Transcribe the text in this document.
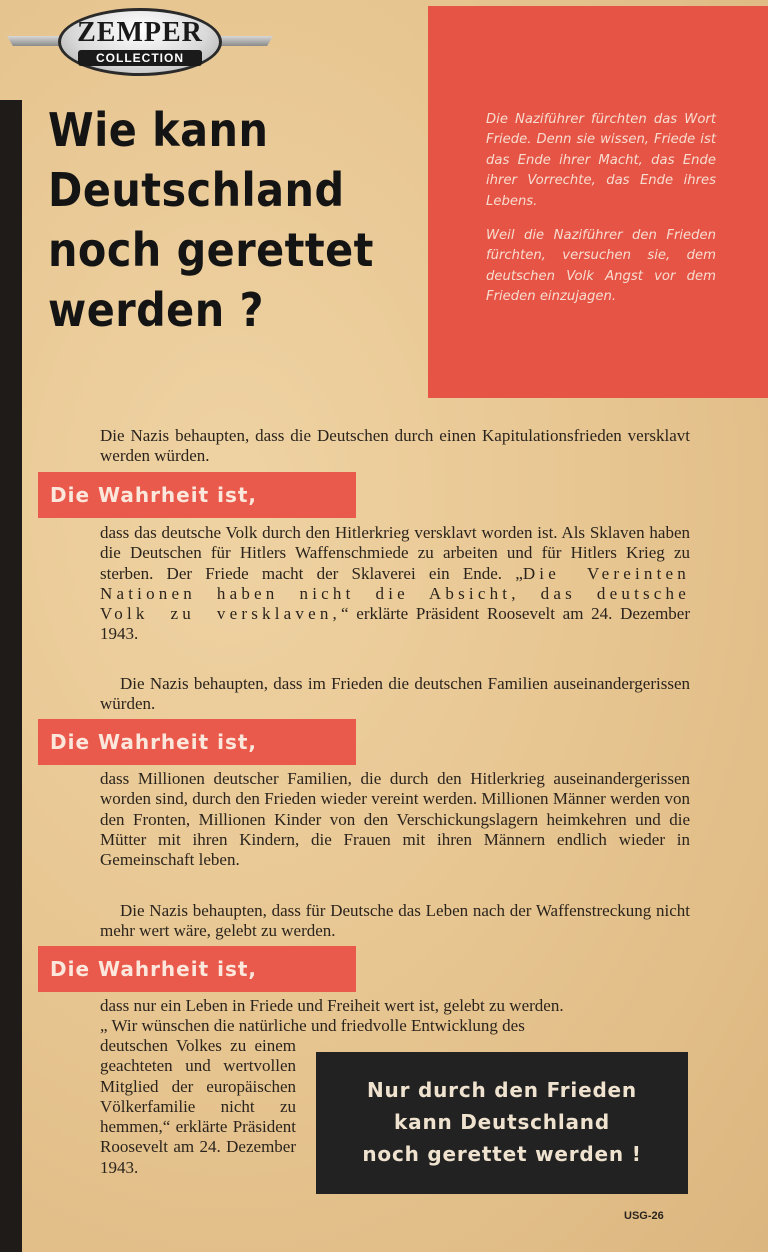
ZEMPER
COLLECTION
Wie kann
Deutschland
noch gerettet
werden ?

Die Naziführer fürchten das Wort Friede. Denn sie wissen, Friede ist das Ende ihrer Macht, das Ende ihrer Vorrechte, das Ende ihres Lebens.

Weil die Naziführer den Frieden fürchten, versuchen sie, dem deutschen Volk Angst vor dem Frieden einzujagen.

Die Nazis behaupten, dass die Deutschen durch einen Kapitulationsfrieden versklavt werden würden.

Die Wahrheit ist,

dass das deutsche Volk durch den Hitlerkrieg versklavt worden ist. Als Sklaven haben die Deutschen für Hitlers Waffenschmiede zu arbeiten und für Hitlers Krieg zu sterben. Der Friede macht der Sklaverei ein Ende. „Die Vereinten Nationen haben nicht die Absicht, das deutsche Volk zu versklaven,“ erklärte Präsident Roosevelt am 24. Dezember 1943.

Die Nazis behaupten, dass im Frieden die deutschen Familien auseinandergerissen würden.

Die Wahrheit ist,

dass Millionen deutscher Familien, die durch den Hitlerkrieg auseinandergerissen worden sind, durch den Frieden wieder vereint werden. Millionen Männer werden von den Fronten, Millionen Kinder von den Verschickungslagern heimkehren und die Mütter mit ihren Kindern, die Frauen mit ihren Männern endlich wieder in Gemeinschaft leben.

Die Nazis behaupten, dass für Deutsche das Leben nach der Waffenstreckung nicht mehr wert wäre, gelebt zu werden.

Die Wahrheit ist,

dass nur ein Leben in Friede und Freiheit wert ist, gelebt zu werden.

„ Wir wünschen die natürliche und friedvolle Entwicklung des

deutschen Volkes zu einem geachteten und wertvollen Mitglied der europäischen Völkerfamilie nicht zu hemmen,“ erklärte Präsident Roosevelt am 24. Dezember 1943.

Nur durch den Frieden
kann Deutschland
noch gerettet werden !
USG-26
